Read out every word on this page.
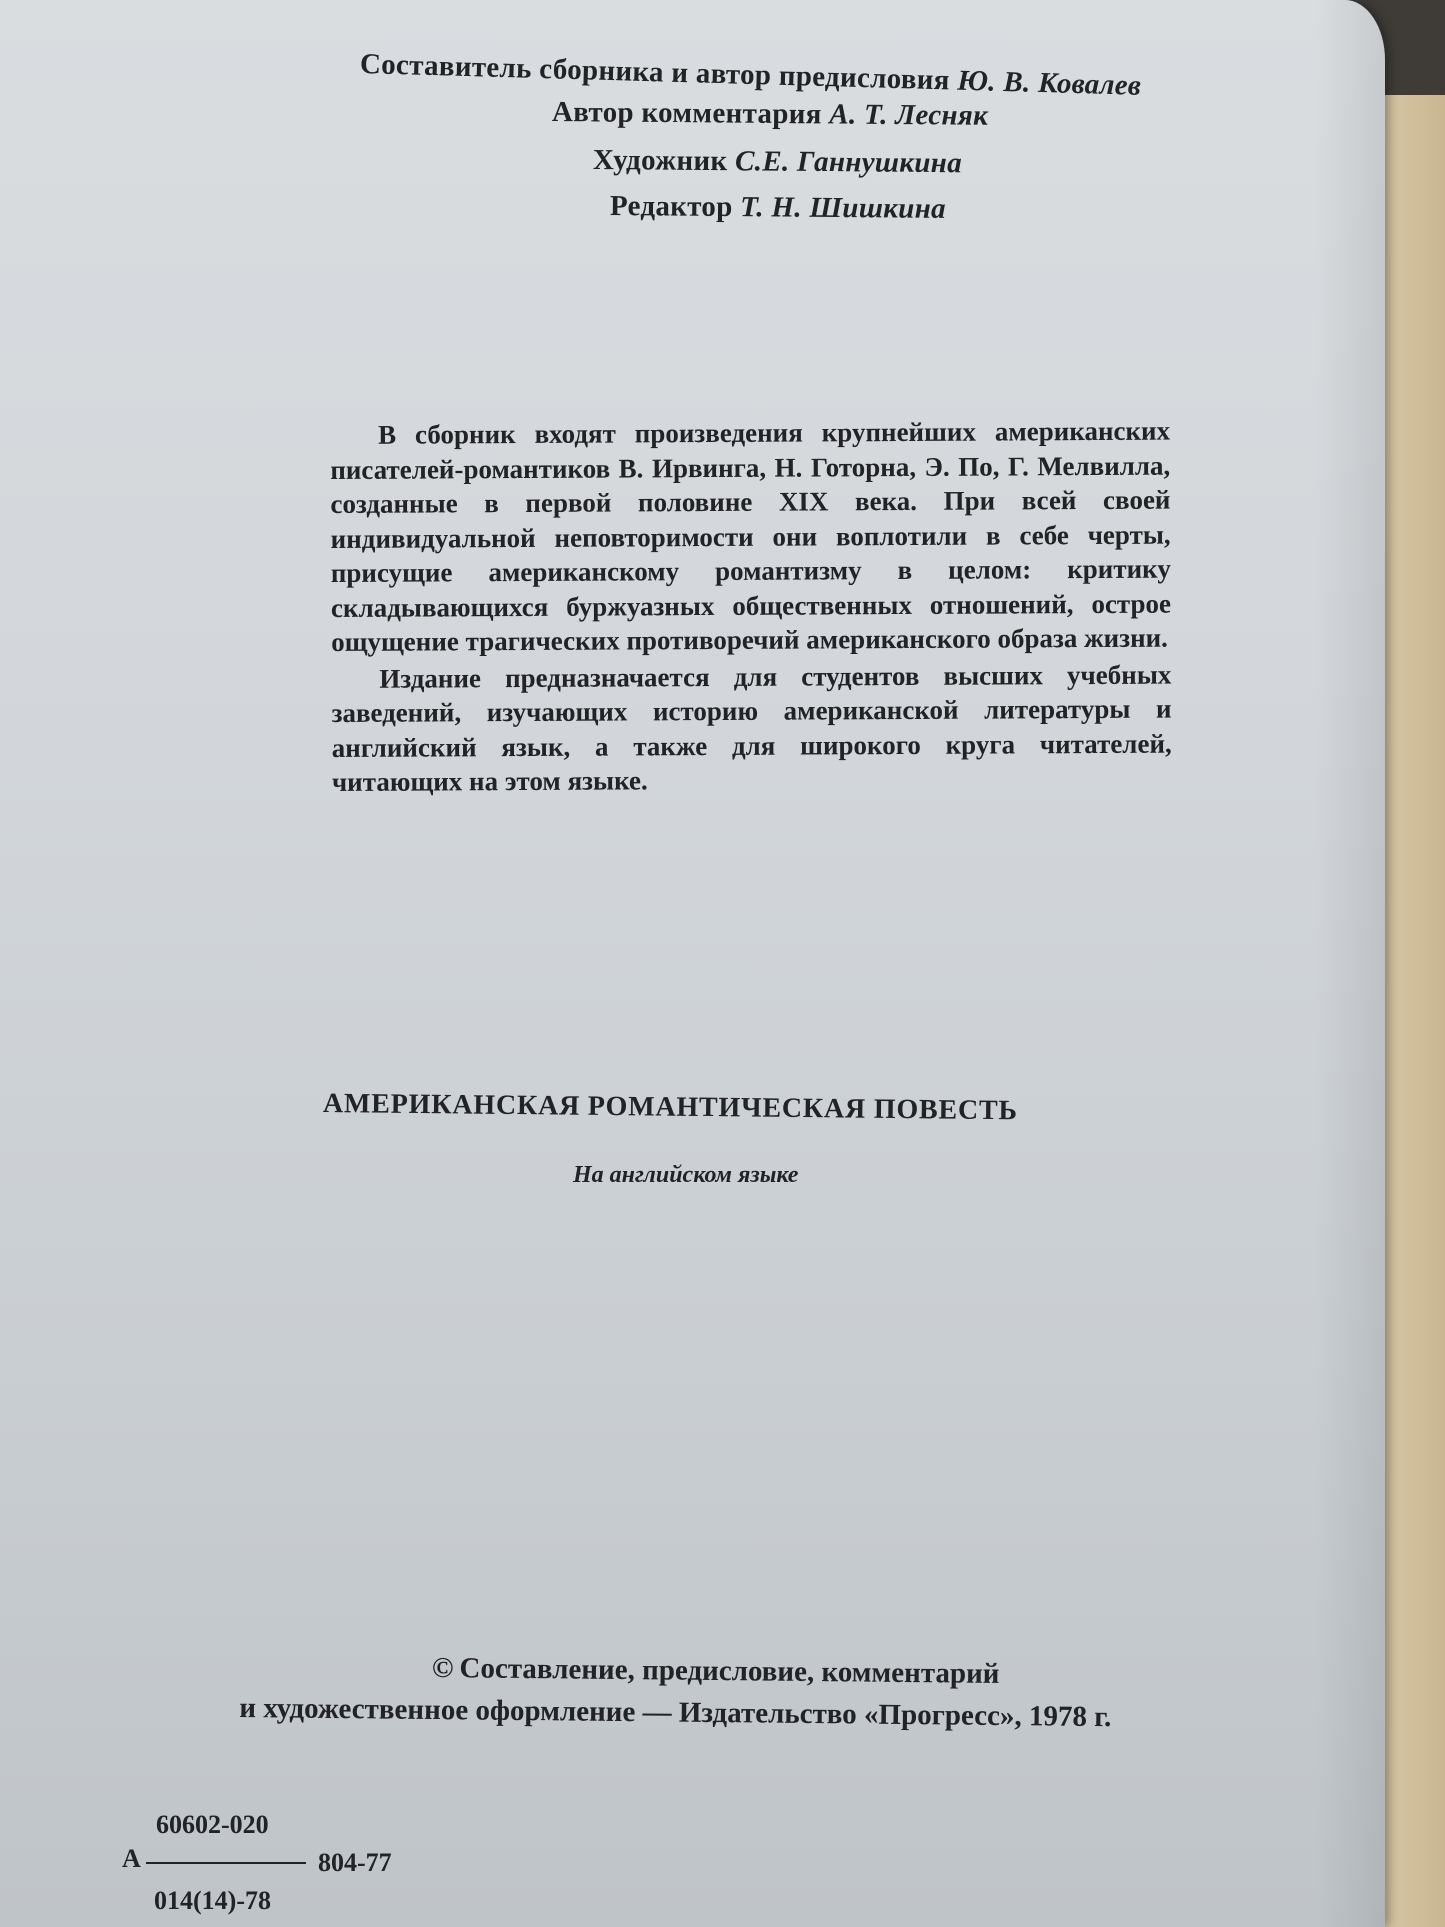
Составитель сборника и автор предисловия Ю. В. Ковалев
Автор комментария А. Т. Лесняк
Художник С.Е. Ганнушкина
Редактор Т. Н. Шишкина

В сборник входят произведения крупнейших американских писателей-романтиков В. Ирвинга, Н. Готорна, Э. По, Г. Мелвилла, созданные в первой половине XIX века. При всей своей индивидуальной неповторимости они воплотили в себе черты, присущие американскому романтизму в целом: критику складывающихся буржуазных общественных отношений, острое ощущение трагических противоречий американского образа жизни.

Издание предназначается для студентов высших учебных заведений, изучающих историю американской литературы и английский язык, а также для широкого круга читателей, читающих на этом языке.

АМЕРИКАНСКАЯ РОМАНТИЧЕСКАЯ ПОВЕСТЬ
На английском языке
© Составление, предисловие, комментарий
и художественное оформление — Издательство «Прогресс», 1978 г.
А
60602-020
804-77
014(14)-78
